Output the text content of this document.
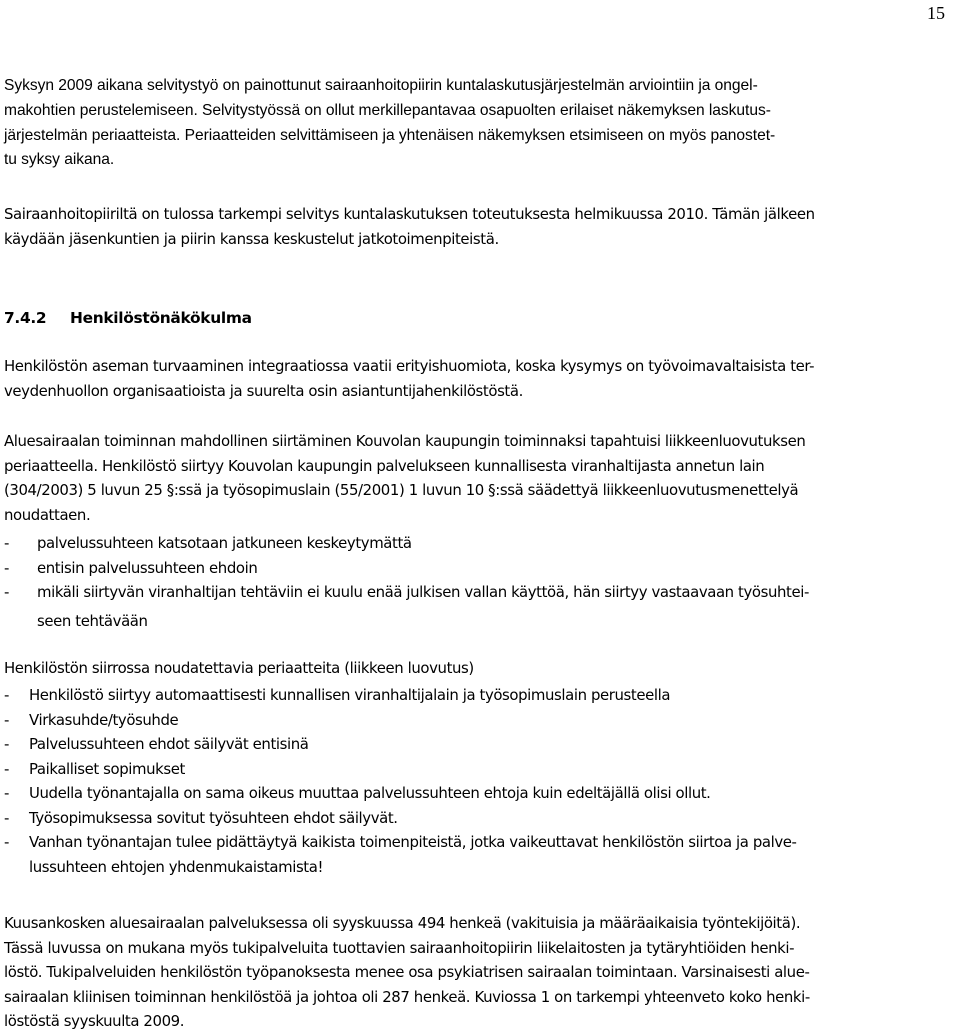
15
Syksyn 2009 aikana selvitystyö on painottunut sairaanhoitopiirin kuntalaskutusjärjestelmän arviointiin ja ongel-
makohtien perustelemiseen. Selvitystyössä on ollut merkillepantavaa osapuolten erilaiset näkemyksen laskutus-
järjestelmän periaatteista. Periaatteiden selvittämiseen ja yhtenäisen näkemyksen etsimiseen on myös panostet-
tu syksy aikana.
Sairaanhoitopiiriltä on tulossa tarkempi selvitys kuntalaskutuksen toteutuksesta helmikuussa 2010. Tämän jälkeen
käydään jäsenkuntien ja piirin kanssa keskustelut jatkotoimenpiteistä.
7.4.2 Henkilöstönäkökulma
Henkilöstön aseman turvaaminen integraatiossa vaatii erityishuomiota, koska kysymys on työvoimavaltaisista ter-
veydenhuollon organisaatioista ja suurelta osin asiantuntijahenkilöstöstä.
Aluesairaalan toiminnan mahdollinen siirtäminen Kouvolan kaupungin toiminnaksi tapahtuisi liikkeenluovutuksen
periaatteella. Henkilöstö siirtyy Kouvolan kaupungin palvelukseen kunnallisesta viranhaltijasta annetun lain
(304/2003) 5 luvun 25 §:ssä ja työsopimuslain (55/2001) 1 luvun 10 §:ssä säädettyä liikkeenluovutusmenettelyä
noudattaen.
-	palvelussuhteen katsotaan jatkuneen keskeytymättä
-	entisin palvelussuhteen ehdoin
-	mikäli siirtyvän viranhaltijan tehtäviin ei kuulu enää julkisen vallan käyttöä, hän siirtyy vastaavaan työsuhtei-
seen tehtävään
Henkilöstön siirrossa noudatettavia periaatteita (liikkeen luovutus)
-	Henkilöstö siirtyy automaattisesti kunnallisen viranhaltijalain ja työsopimuslain perusteella
-	Virkasuhde/työsuhde
-	Palvelussuhteen ehdot säilyvät entisinä
-	Paikalliset sopimukset
-	Uudella työnantajalla on sama oikeus muuttaa palvelussuhteen ehtoja kuin edeltäjällä olisi ollut.
-	Työsopimuksessa sovitut työsuhteen ehdot säilyvät.
-	Vanhan työnantajan tulee pidättäytyä kaikista toimenpiteistä, jotka vaikeuttavat henkilöstön siirtoa ja palve-
lussuhteen ehtojen yhdenmukaistamista!
Kuusankosken aluesairaalan palveluksessa oli syyskuussa 494 henkeä (vakituisia ja määräaikaisia työntekijöitä).
Tässä luvussa on mukana myös tukipalveluita tuottavien sairaanhoitopiirin liikelaitosten ja tytäryhtiöiden henki-
löstö. Tukipalveluiden henkilöstön työpanoksesta menee osa psykiatrisen sairaalan toimintaan. Varsinaisesti alue-
sairaalan kliinisen toiminnan henkilöstöä ja johtoa oli 287 henkeä. Kuviossa 1 on tarkempi yhteenveto koko henki-
löstöstä syyskuulta 2009.
